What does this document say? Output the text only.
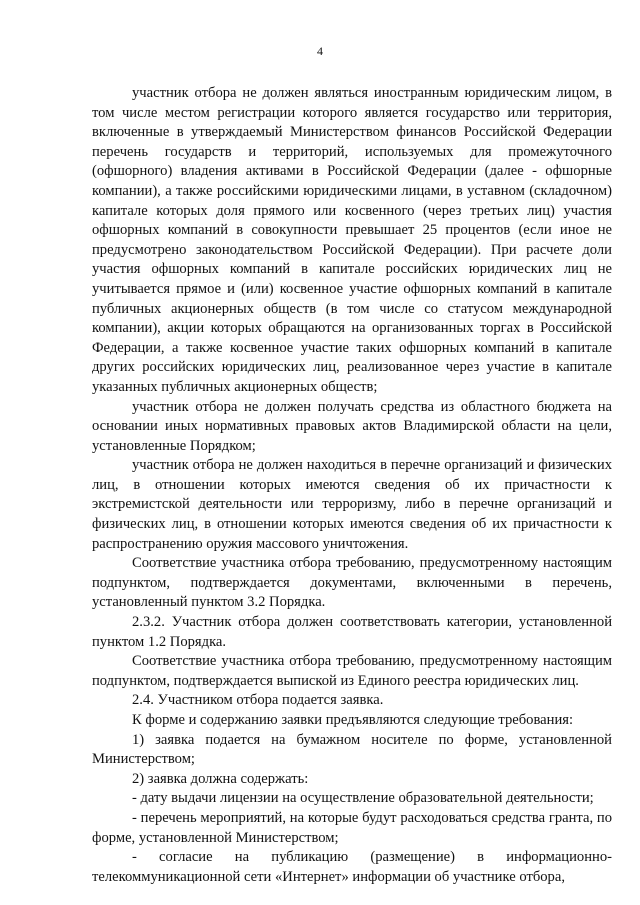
4

участник отбора не должен являться иностранным юридическим лицом, в том числе местом регистрации которого является государство или территория, включенные в утверждаемый Министерством финансов Российской Федерации перечень государств и территорий, используемых для промежуточного (офшорного) владения активами в Российской Федерации (далее - офшорные компании), а также российскими юридическими лицами, в уставном (складочном) капитале которых доля прямого или косвенного (через третьих лиц) участия офшорных компаний в совокупности превышает 25 процентов (если иное не предусмотрено законодательством Российской Федерации). При расчете доли участия офшорных компаний в капитале российских юридических лиц не учитывается прямое и (или) косвенное участие офшорных компаний в капитале публичных акционерных обществ (в том числе со статусом международной компании), акции которых обращаются на организованных торгах в Российской Федерации, а также косвенное участие таких офшорных компаний в капитале других российских юридических лиц, реализованное через участие в капитале указанных публичных акционерных обществ;

участник отбора не должен получать средства из областного бюджета на основании иных нормативных правовых актов Владимирской области на цели, установленные Порядком;

участник отбора не должен находиться в перечне организаций и физических лиц, в отношении которых имеются сведения об их причастности к экстремистской деятельности или терроризму, либо в перечне организаций и физических лиц, в отношении которых имеются сведения об их причастности к распространению оружия массового уничтожения.

Соответствие участника отбора требованию, предусмотренному настоящим подпунктом, подтверждается документами, включенными в перечень, установленный пунктом 3.2 Порядка.

2.3.2. Участник отбора должен соответствовать категории, установленной пунктом 1.2 Порядка.

Соответствие участника отбора требованию, предусмотренному настоящим подпунктом, подтверждается выпиской из Единого реестра юридических лиц.

2.4. Участником отбора подается заявка.

К форме и содержанию заявки предъявляются следующие требования:

1) заявка подается на бумажном носителе по форме, установленной Министерством;

2) заявка должна содержать:

- дату выдачи лицензии на осуществление образовательной деятельности;

- перечень мероприятий, на которые будут расходоваться средства гранта, по форме, установленной Министерством;

- согласие на публикацию (размещение) в информационно-телекоммуникационной сети «Интернет» информации об участнике отбора,
